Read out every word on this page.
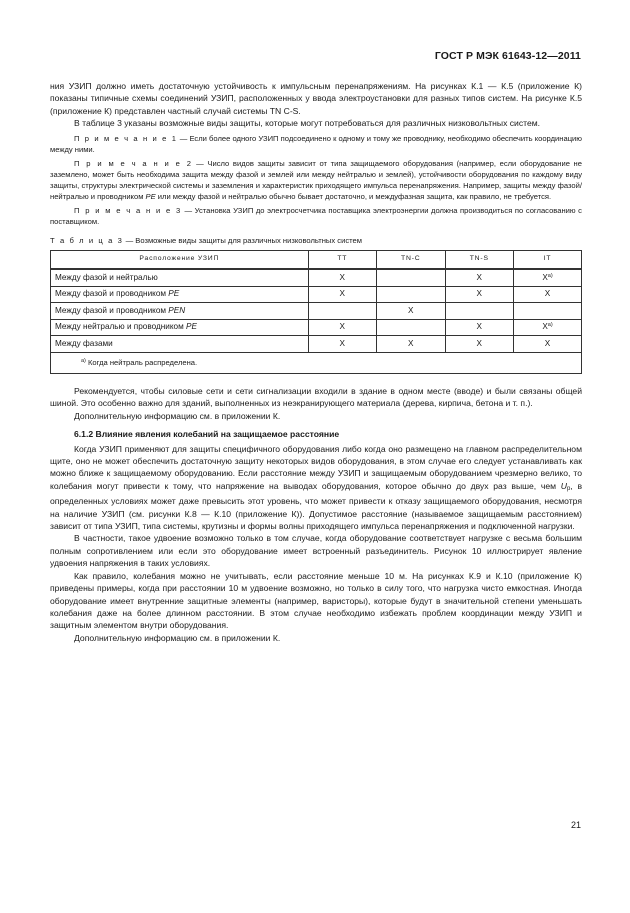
ГОСТ Р МЭК 61643-12—2011

ния УЗИП должно иметь достаточную устойчивость к импульсным перенапряжениям. На рисунках К.1 — К.5 (приложение К) показаны типичные схемы соединений УЗИП, расположенных у ввода электроустановки для разных типов систем. На рисунке К.5 (приложение К) представлен частный случай системы TN C-S.

В таблице 3 указаны возможные виды защиты, которые могут потребоваться для различных низковольтных систем.

П р и м е ч а н и е 1 — Если более одного УЗИП подсоединено к одному и тому же проводнику, необходимо обеспечить координацию между ними.

П р и м е ч а н и е 2 — Число видов защиты зависит от типа защищаемого оборудования (например, если оборудование не заземлено, может быть необходима защита между фазой и землей или между нейтралью и землей), устойчивости оборудования по каждому виду защиты, структуры электрической системы и заземления и характеристик приходящего импульса перенапряжения. Например, защиты между фазой/нейтралью и проводником PE или между фазой и нейтралью обычно бывает достаточно, и междуфазная защита, как правило, не требуется.

П р и м е ч а н и е 3 — Установка УЗИП до электросчетчика поставщика электроэнергии должна производиться по согласованию с поставщиком.

Т а б л и ц а 3 — Возможные виды защиты для различных низковольтных систем

Расположение УЗИП	TT	TN-C	TN-S	IT
Между фазой и нейтралью	X		X	$X^{а)}$
Между фазой и проводником PE	X		X	X
Между фазой и проводником PEN		X		
Между нейтралью и проводником PE	X		X	$X^{а)}$
Между фазами	X	X	X	X
$^{а)}$ Когда нейтраль распределена.				

Рекомендуется, чтобы силовые сети и сети сигнализации входили в здание в одном месте (вводе) и были связаны общей шиной. Это особенно важно для зданий, выполненных из неэкранирующего материала (дерева, кирпича, бетона и т. п.).

Дополнительную информацию см. в приложении К.

6.1.2 Влияние явления колебаний на защищаемое расстояние

Когда УЗИП применяют для защиты специфичного оборудования либо когда оно размещено на главном распределительном щите, оно не может обеспечить достаточную защиту некоторых видов оборудования, в этом случае его следует устанавливать как можно ближе к защищаемому оборудованию. Если расстояние между УЗИП и защищаемым оборудованием чрезмерно велико, то колебания могут привести к тому, что напряжение на выводах оборудования, которое обычно до двух раз выше, чем Up, в определенных условиях может даже превысить этот уровень, что может привести к отказу защищаемого оборудования, несмотря на наличие УЗИП (см. рисунки К.8 — К.10 (приложение К)). Допустимое расстояние (называемое защищаемым расстоянием) зависит от типа УЗИП, типа системы, крутизны и формы волны приходящего импульса перенапряжения и подключенной нагрузки.

В частности, такое удвоение возможно только в том случае, когда оборудование соответствует нагрузке с весьма большим полным сопротивлением или если это оборудование имеет встроенный разъединитель. Рисунок 10 иллюстрирует явление удвоения напряжения в таких условиях.

Как правило, колебания можно не учитывать, если расстояние меньше 10 м. На рисунках К.9 и К.10 (приложение К) приведены примеры, когда при расстоянии 10 м удвоение возможно, но только в силу того, что нагрузка чисто емкостная. Иногда оборудование имеет внутренние защитные элементы (например, варисторы), которые будут в значительной степени уменьшать колебания даже на более длинном расстоянии. В этом случае необходимо избежать проблем координации между УЗИП и защитным элементом внутри оборудования.

Дополнительную информацию см. в приложении К.

21
